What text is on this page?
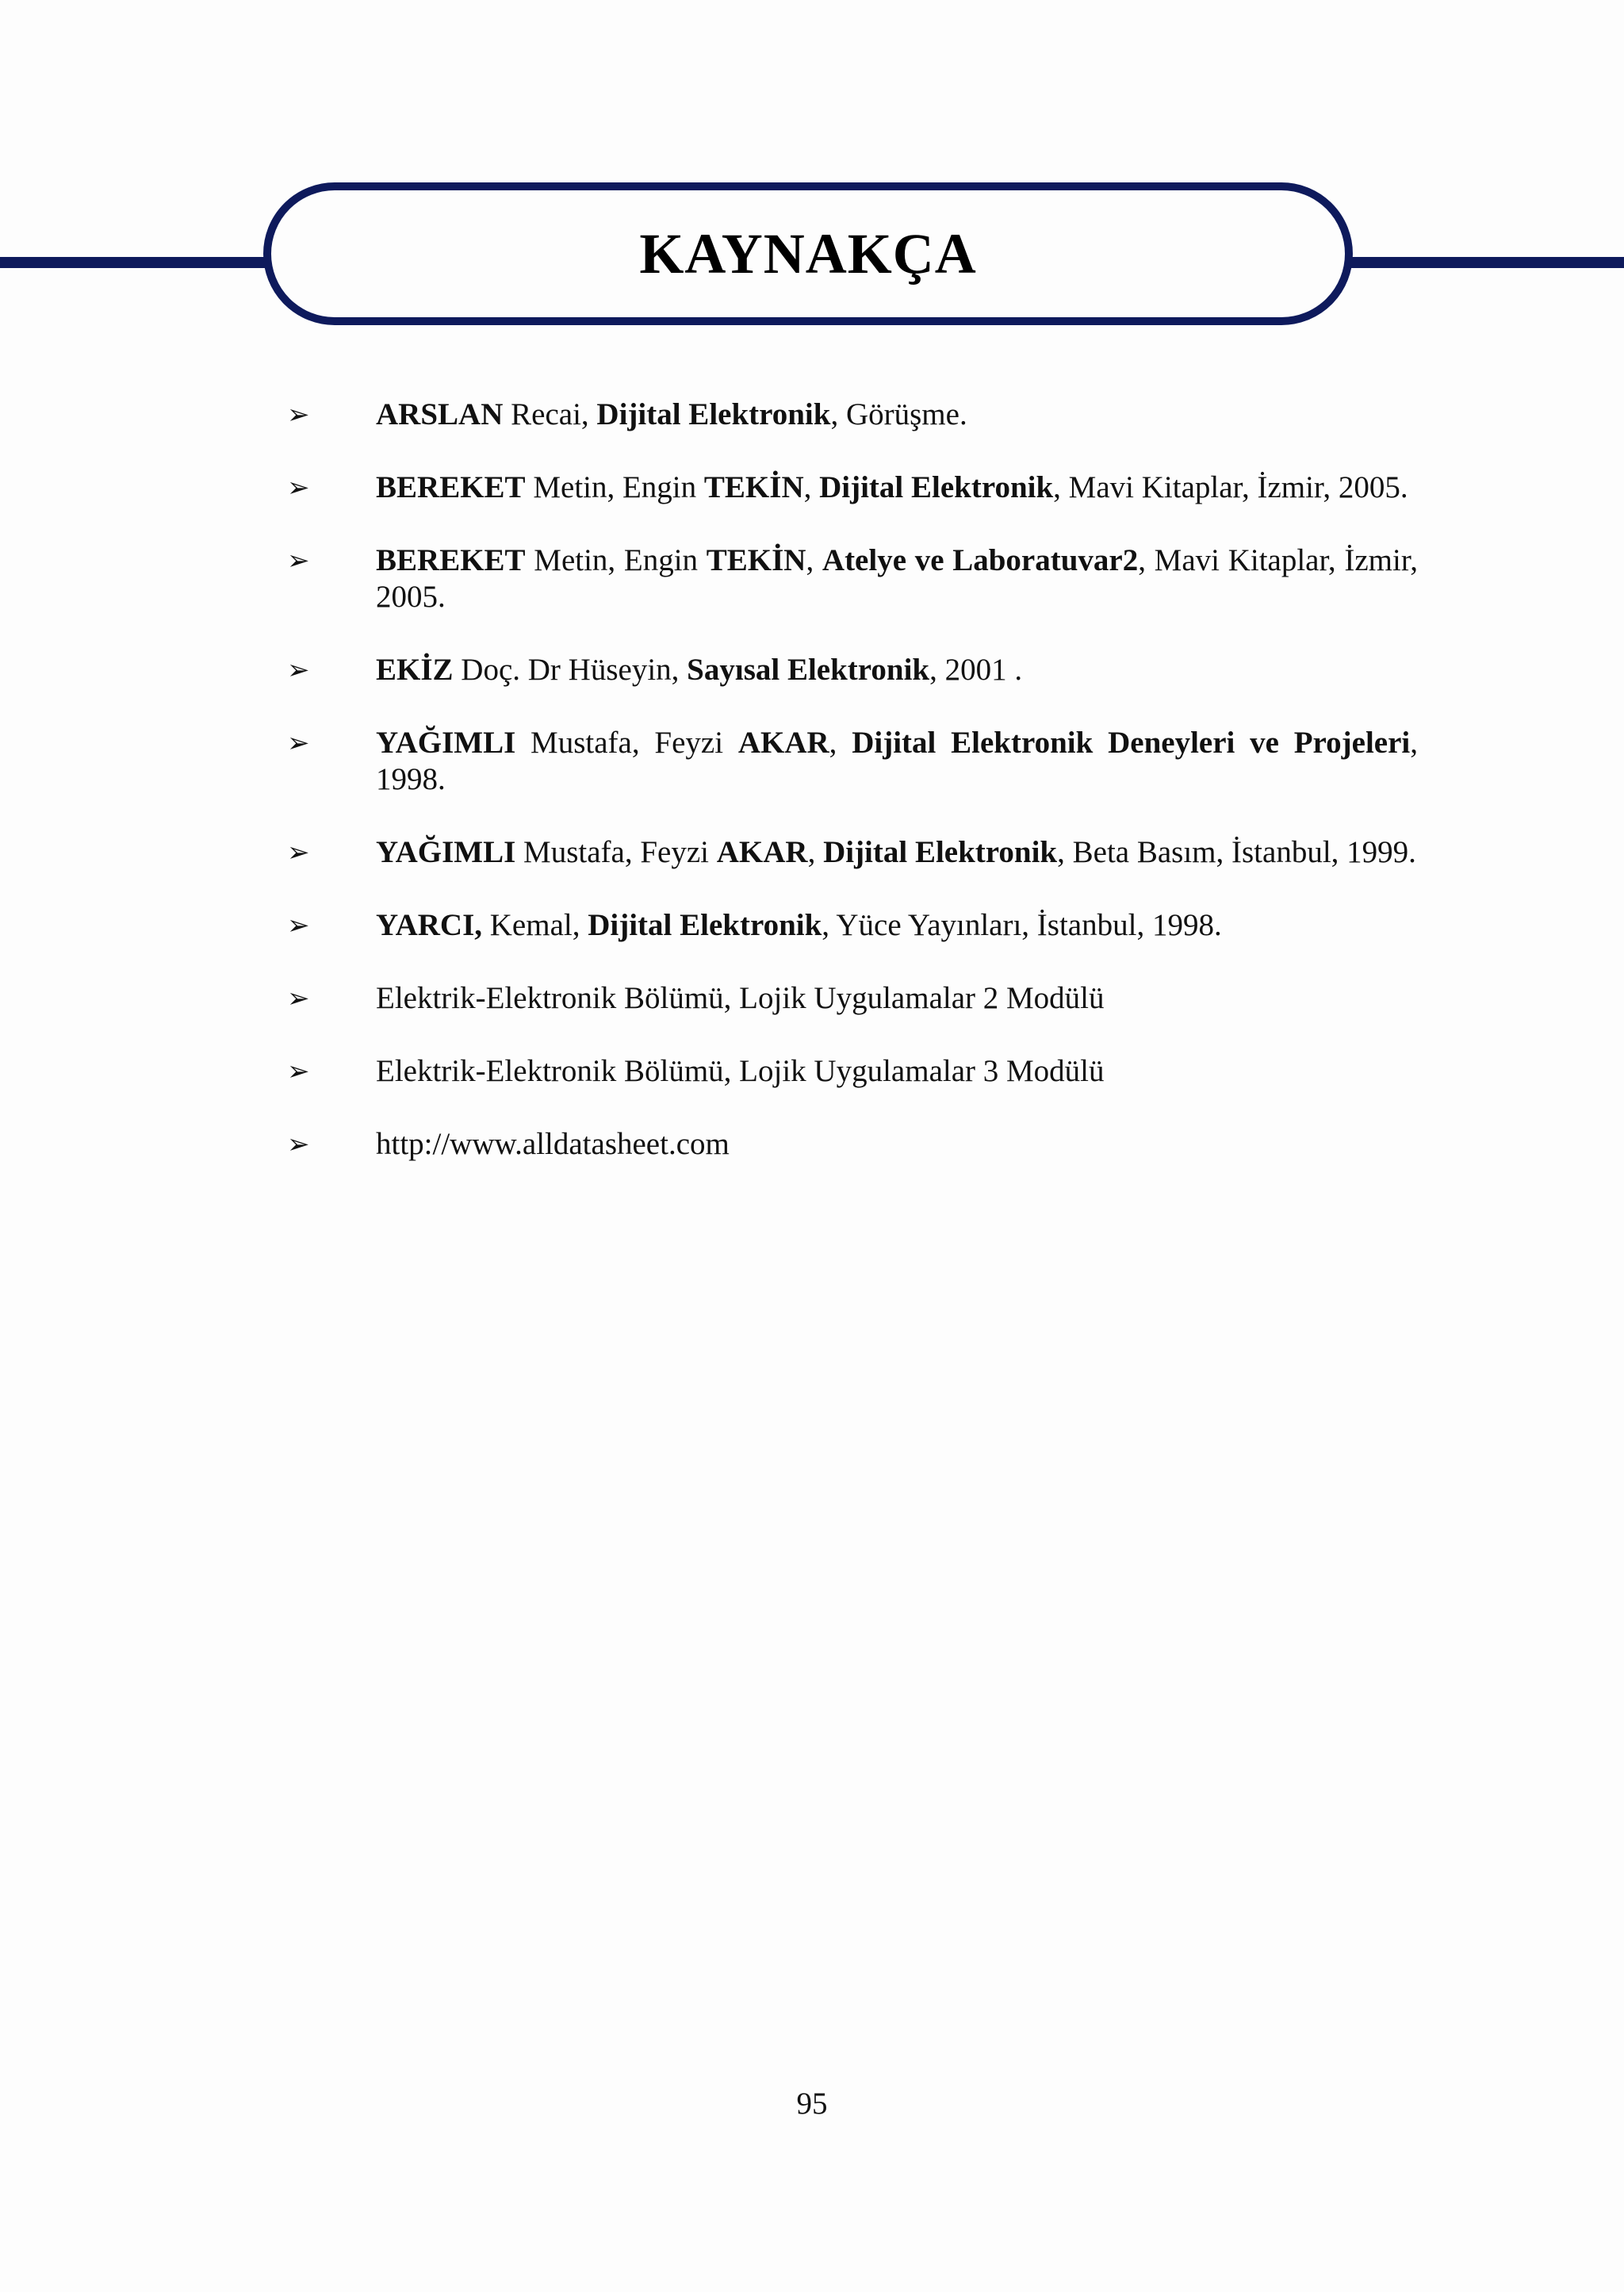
KAYNAKÇA
➢ ARSLAN Recai, Dijital Elektronik, Görüşme.
➢ BEREKET Metin, Engin TEKİN, Dijital Elektronik, Mavi Kitaplar, İzmir, 2005.
➢ BEREKET Metin, Engin TEKİN, Atelye ve Laboratuvar2, Mavi Kitaplar, İzmir, 2005.
➢ EKİZ Doç. Dr Hüseyin, Sayısal Elektronik, 2001 .
➢ YAĞIMLI Mustafa, Feyzi AKAR, Dijital Elektronik Deneyleri ve Projeleri, 1998.
➢ YAĞIMLI Mustafa, Feyzi AKAR, Dijital Elektronik, Beta Basım, İstanbul, 1999.
➢ YARCI, Kemal, Dijital Elektronik, Yüce Yayınları, İstanbul, 1998.
➢ Elektrik-Elektronik Bölümü, Lojik Uygulamalar 2 Modülü
➢ Elektrik-Elektronik Bölümü, Lojik Uygulamalar 3 Modülü
➢ http://www.alldatasheet.com
95
